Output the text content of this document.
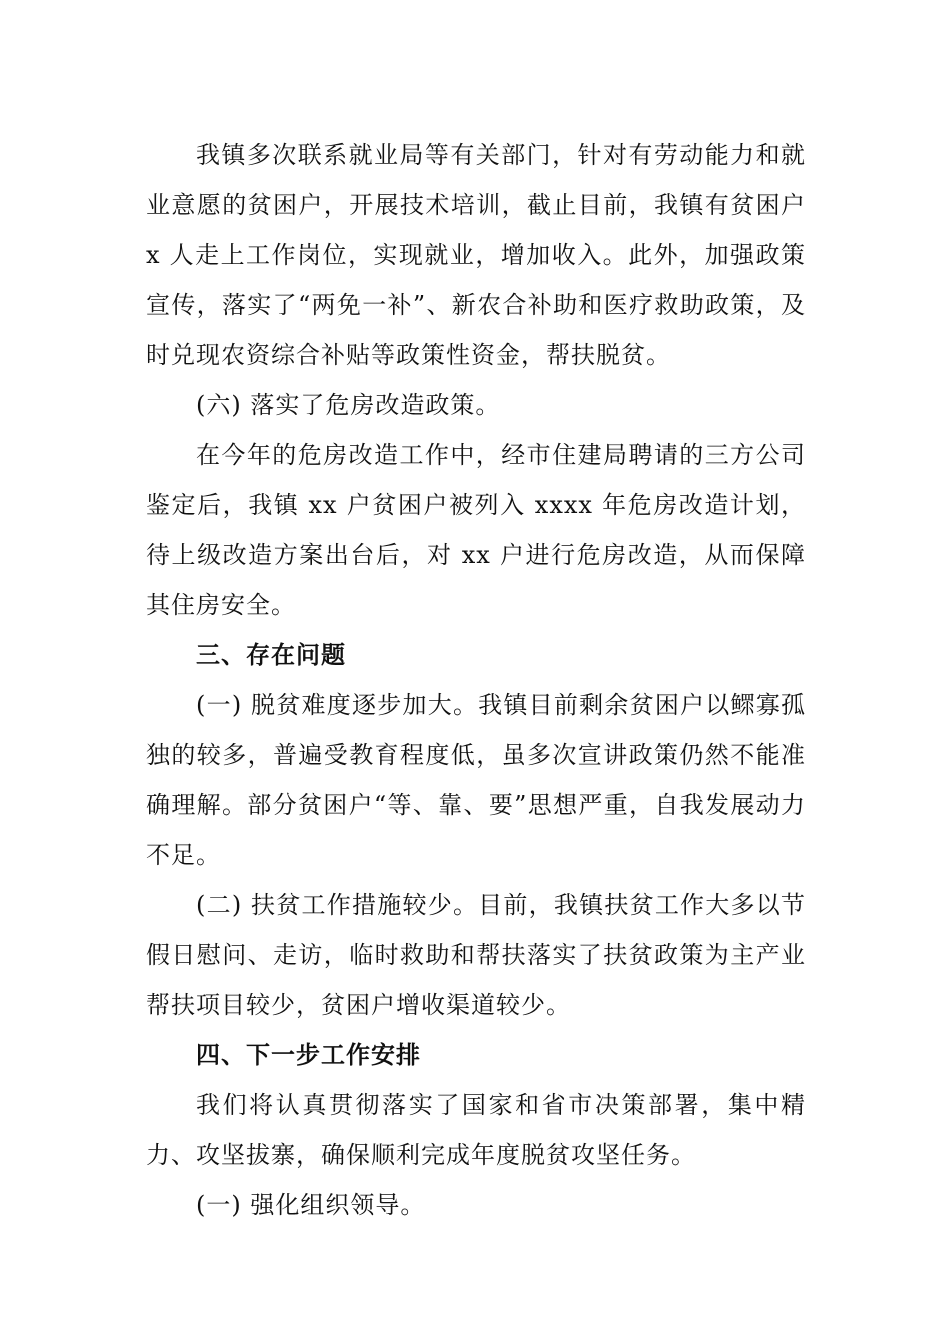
我镇多次联系就业局等有关部门，针对有劳动能力和就业意愿的贫困户，开展技术培训，截止目前，我镇有贫困户 x 人走上工作岗位，实现就业，增加收入。此外，加强政策宣传，落实了“两免一补”、新农合补助和医疗救助政策，及时兑现农资综合补贴等政策性资金，帮扶脱贫。

(六) 落实了危房改造政策。

在今年的危房改造工作中，经市住建局聘请的三方公司鉴定后，我镇 xx 户贫困户被列入 xxxx 年危房改造计划，待上级改造方案出台后，对 xx 户进行危房改造，从而保障其住房安全。

三、存在问题

(一) 脱贫难度逐步加大。我镇目前剩余贫困户以鳏寡孤独的较多，普遍受教育程度低，虽多次宣讲政策仍然不能准确理解。部分贫困户“等、靠、要”思想严重，自我发展动力不足。

(二) 扶贫工作措施较少。目前，我镇扶贫工作大多以节假日慰问、走访，临时救助和帮扶落实了扶贫政策为主产业帮扶项目较少，贫困户增收渠道较少。

四、下一步工作安排

我们将认真贯彻落实了国家和省市决策部署，集中精力、攻坚拔寨，确保顺利完成年度脱贫攻坚任务。

(一) 强化组织领导。
